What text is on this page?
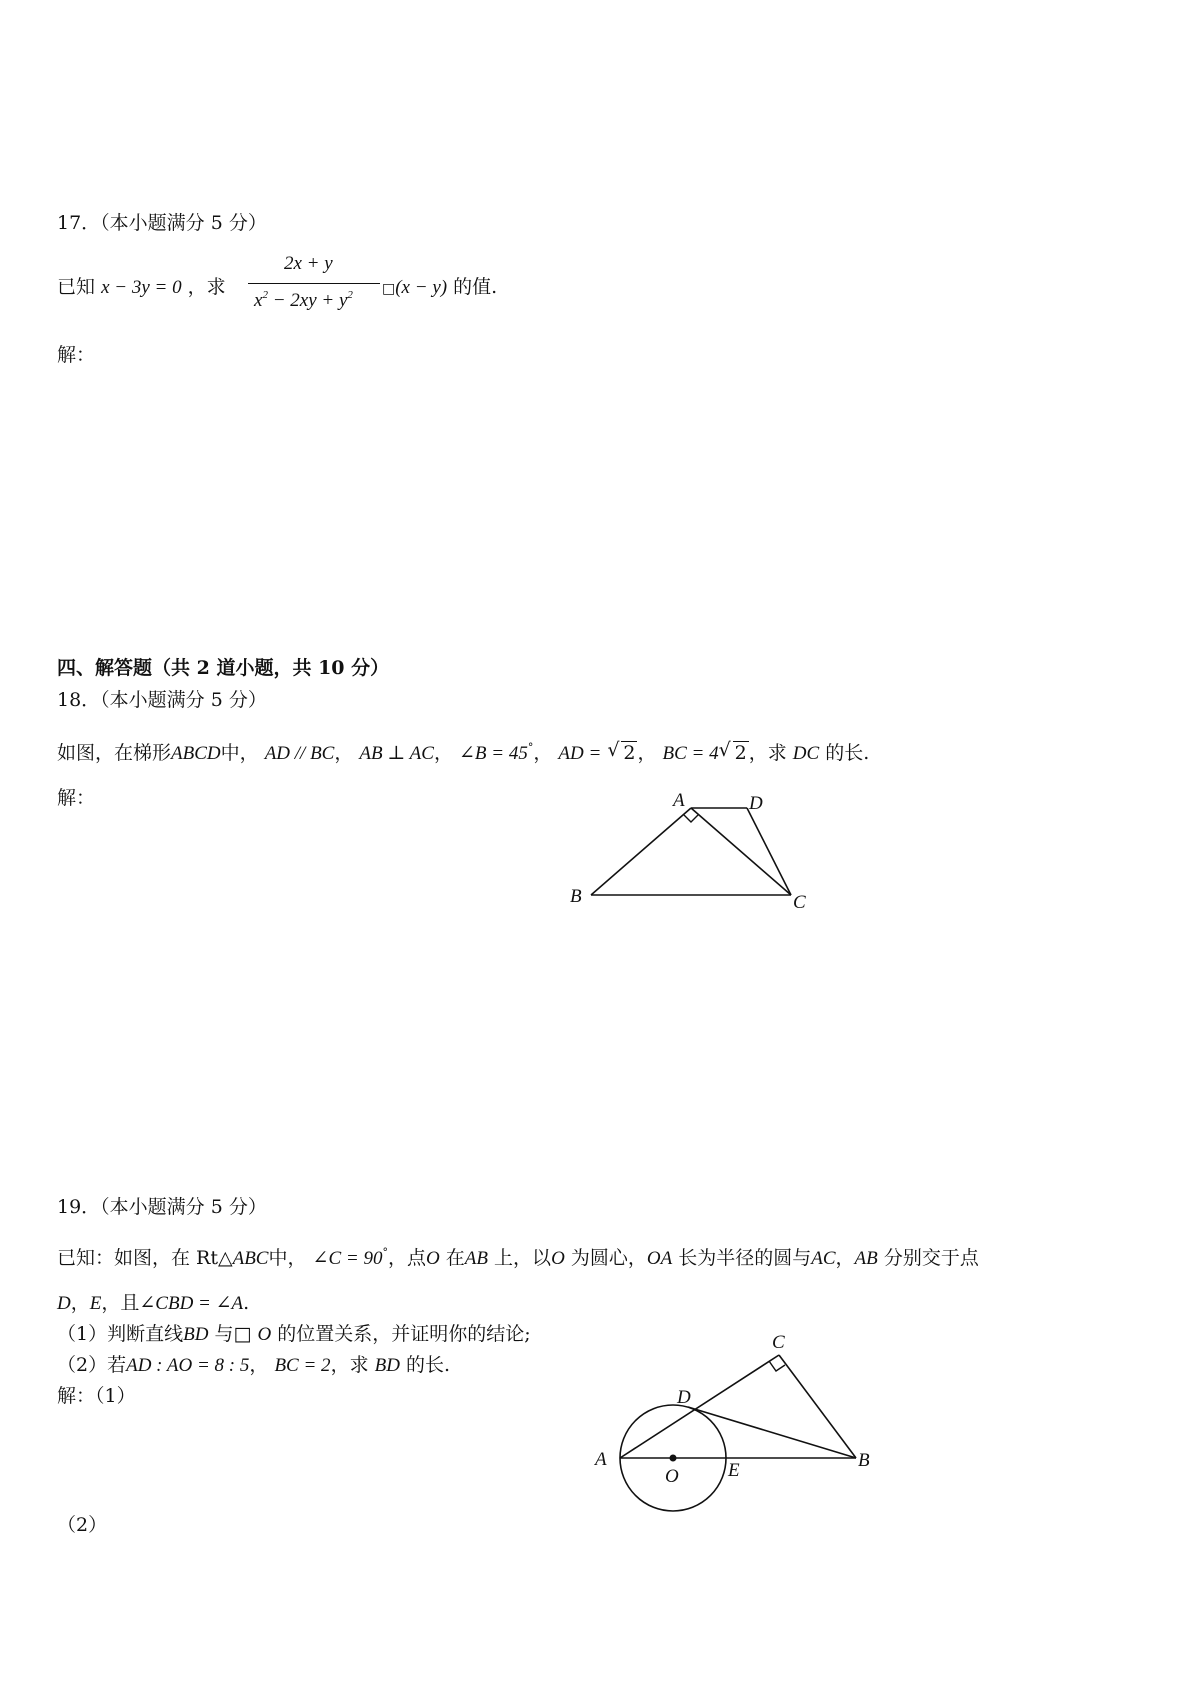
17．（本小题满分 5 分）
已知 x − 3y = 0 ，求
2x + y
$x^2 - 2xy + y^2$ □(x − y) 的值.
解：
四、解答题（共 2 道小题，共 10 分）
18．（本小题满分 5 分）
如图，在梯形ABCD中， AD // BC， AB ⊥ AC， ∠B = 45°， AD = √ 2 ， BC = 4 √ 2 ，求 DC 的长.
解：	A	D
B	C
19．（本小题满分 5 分）
已知：如图，在 Rt△ABC中， ∠C = 90°，点O 在AB 上，以O 为圆心，OA 长为半径的圆与AC，AB 分别交于点
D，E，且∠CBD = ∠A.
（1）判断直线BD 与□ O 的位置关系，并证明你的结论;
（2）若AD : AO = 8 : 5， BC = 2，求 BD 的长.
解：（1）
（2）
C
D
A
O	E	B
